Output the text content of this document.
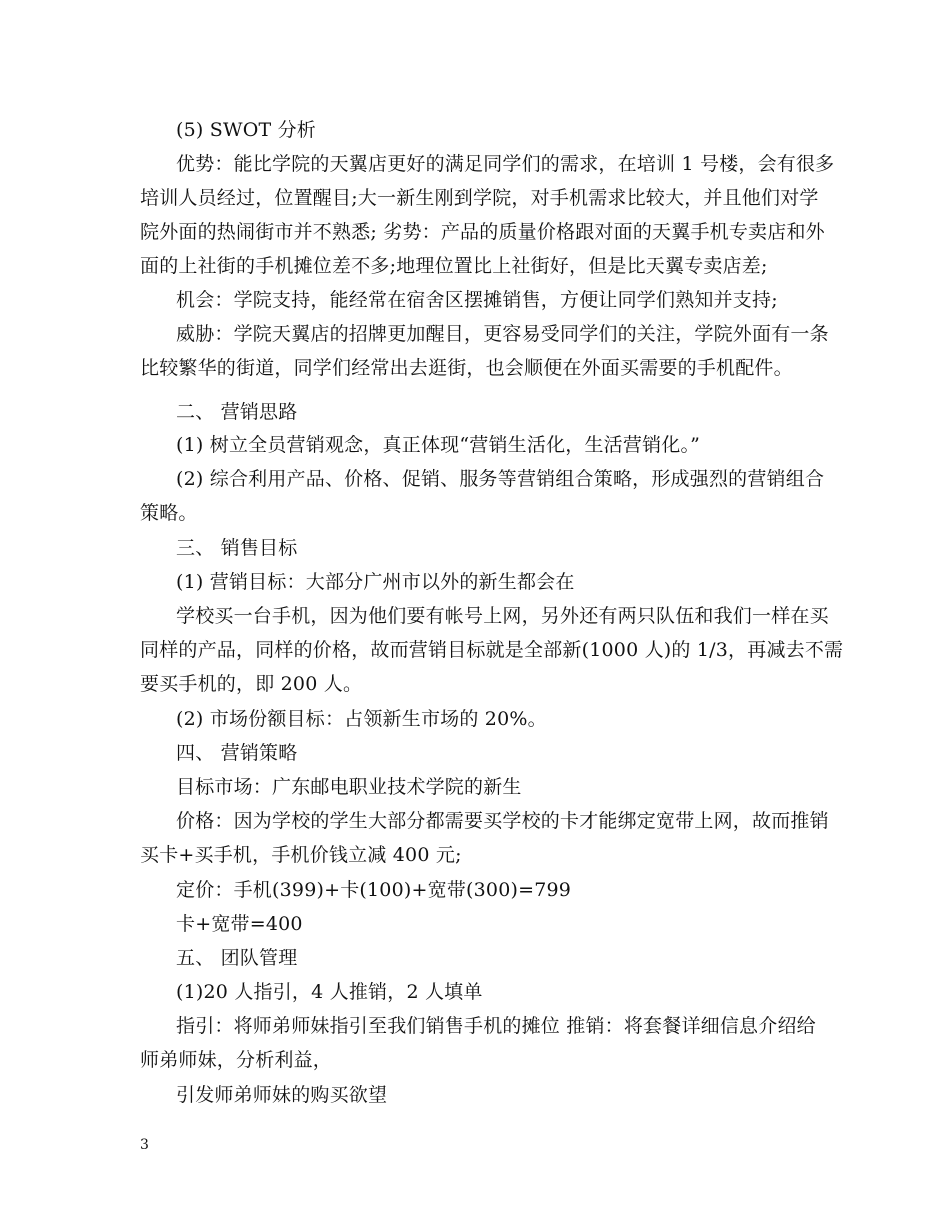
(5) SWOT 分析
优势：能比学院的天翼店更好的满足同学们的需求，在培训 1 号楼，会有很多
培训人员经过，位置醒目;大一新生刚到学院，对手机需求比较大，并且他们对学
院外面的热闹街市并不熟悉; 劣势：产品的质量价格跟对面的天翼手机专卖店和外
面的上社街的手机摊位差不多;地理位置比上社街好，但是比天翼专卖店差;
机会：学院支持，能经常在宿舍区摆摊销售，方便让同学们熟知并支持;
威胁：学院天翼店的招牌更加醒目，更容易受同学们的关注，学院外面有一条
比较繁华的街道，同学们经常出去逛街，也会顺便在外面买需要的手机配件。
二、 营销思路
(1) 树立全员营销观念，真正体现“营销生活化，生活营销化。”
(2) 综合利用产品、价格、促销、服务等营销组合策略，形成强烈的营销组合
策略。
三、 销售目标
(1) 营销目标：大部分广州市以外的新生都会在
学校买一台手机，因为他们要有帐号上网，另外还有两只队伍和我们一样在买
同样的产品，同样的价格，故而营销目标就是全部新(1000 人)的 1/3，再减去不需
要买手机的，即 200 人。
(2) 市场份额目标：占领新生市场的 20%。
四、 营销策略
目标市场：广东邮电职业技术学院的新生
价格：因为学校的学生大部分都需要买学校的卡才能绑定宽带上网，故而推销
买卡+买手机，手机价钱立减 400 元;
定价：手机(399)+卡(100)+宽带(300)=799
卡+宽带=400
五、 团队管理
(1)20 人指引，4 人推销，2 人填单
指引：将师弟师妹指引至我们销售手机的摊位 推销：将套餐详细信息介绍给
师弟师妹，分析利益，
引发师弟师妹的购买欲望
3
